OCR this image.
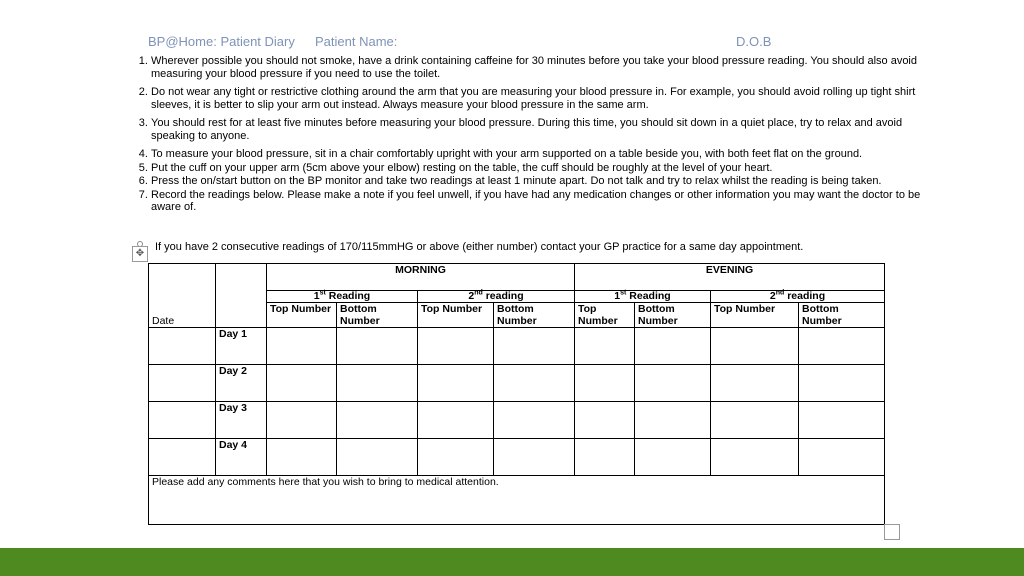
BP@Home: Patient Diary Patient Name:	D.O.B
1. Wherever possible you should not smoke, have a drink containing caffeine for 30 minutes before you take your blood pressure reading. You should also avoid measuring your blood pressure if you need to use the toilet.
2. Do not wear any tight or restrictive clothing around the arm that you are measuring your blood pressure in. For example, you should avoid rolling up tight shirt sleeves, it is better to slip your arm out instead. Always measure your blood pressure in the same arm.
3. You should rest for at least five minutes before measuring your blood pressure. During this time, you should sit down in a quiet place, try to relax and avoid speaking to anyone.
4. To measure your blood pressure, sit in a chair comfortably upright with your arm supported on a table beside you, with both feet flat on the ground.
5. Put the cuff on your upper arm (5cm above your elbow) resting on the table, the cuff should be roughly at the level of your heart.
6. Press the on/start button on the BP monitor and take two readings at least 1 minute apart. Do not talk and try to relax whilst the reading is being taken.
7. Record the readings below. Please make a note if you feel unwell, if you have had any medication changes or other information you may want the doctor to be aware of.
✥
If you have 2 consecutive readings of 170/115mmHG or above (either number) contact your GP practice for a same day appointment.
Date		MORNING				EVENING			
		1st Reading		2nd reading		1st Reading		2nd reading	
		Top Number	Bottom Number	Top Number	Bottom Number	Top Number	Bottom Number	Top Number	Bottom Number
	Day 1								
	Day 2								
	Day 3								
	Day 4								
Please add any comments here that you wish to bring to medical attention.									
